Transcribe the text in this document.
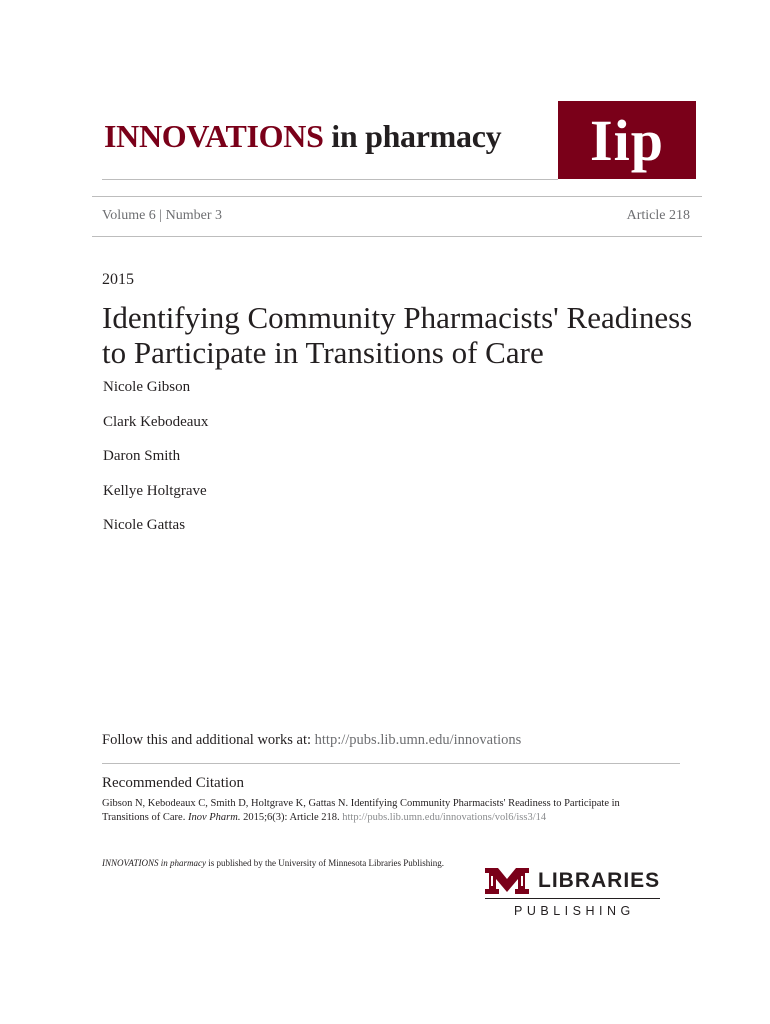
INNOVATIONS in pharmacy	Iip
Volume 6 | Number 3	Article 218
2015
Identifying Community Pharmacists' Readiness to Participate in Transitions of Care
Nicole Gibson
Clark Kebodeaux
Daron Smith
Kellye Holtgrave
Nicole Gattas
Follow this and additional works at: http://pubs.lib.umn.edu/innovations
Recommended Citation
Gibson N, Kebodeaux C, Smith D, Holtgrave K, Gattas N. Identifying Community Pharmacists' Readiness to Participate in Transitions of Care. Inov Pharm. 2015;6(3): Article 218. http://pubs.lib.umn.edu/innovations/vol6/iss3/14
INNOVATIONS in pharmacy is published by the University of Minnesota Libraries Publishing.
LIBRARIES
PUBLISHING
